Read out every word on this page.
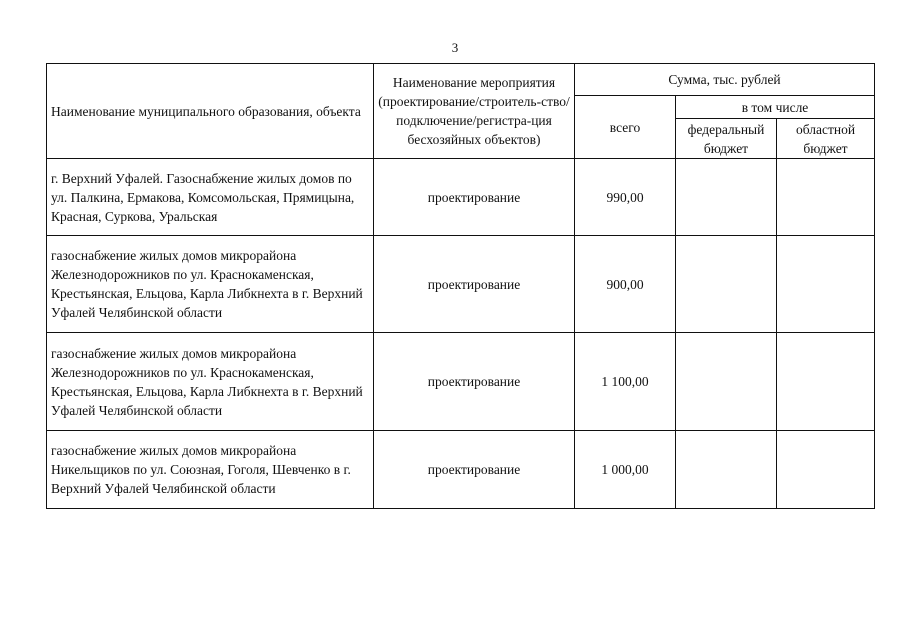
3
Наименование муниципального образования, объекта	Наименование мероприятия (проектирование/строитель-ство/подключение/регистра-ция бесхозяйных объектов)	Сумма, тыс. рублей		
		всего	в том числе	
			федеральный бюджет	областной бюджет
г. Верхний Уфалей. Газоснабжение жилых домов по ул. Палкина, Ермакова, Комсомольская, Прямицына, Красная, Суркова, Уральская	проектирование	990,00		
газоснабжение жилых домов микрорайона Железнодорожников по ул. Краснокаменская, Крестьянская, Ельцова, Карла Либкнехта в г. Верхний Уфалей Челябинской области	проектирование	900,00		
газоснабжение жилых домов микрорайона Железнодорожников по ул. Краснокаменская, Крестьянская, Ельцова, Карла Либкнехта в г. Верхний Уфалей Челябинской области	проектирование	1 100,00		
газоснабжение жилых домов микрорайона Никельщиков по ул. Союзная, Гоголя, Шевченко в г. Верхний Уфалей Челябинской области	проектирование	1 000,00		
